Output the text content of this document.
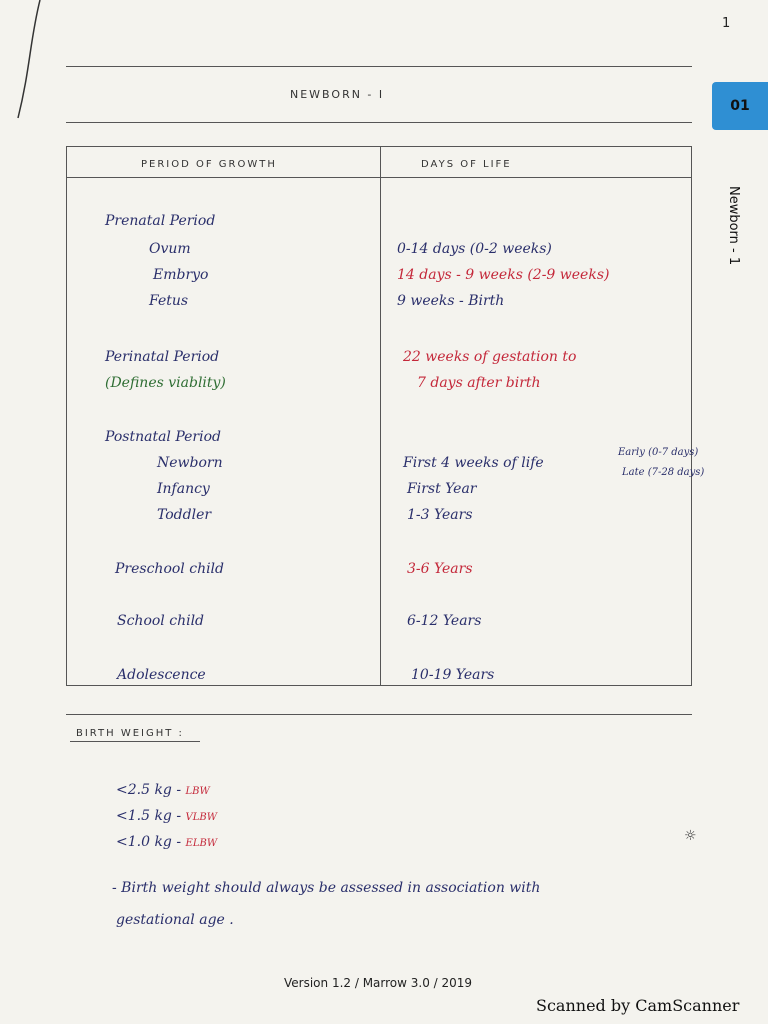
1
NEWBORN - I
01
Newborn - 1
PERIOD OF GROWTH	DAYS OF LIFE
Prenatal Period
Ovum	0-14 days (0-2 weeks)
Embryo	14 days - 9 weeks (2-9 weeks)
Fetus	9 weeks - Birth
Perinatal Period	22 weeks of gestation to
(Defines viablity)	7 days after birth
Postnatal Period
Newborn	First 4 weeks of life
Infancy	First Year
Toddler	1-3 Years
Preschool child	3-6 Years
School child	6-12 Years
Adolescence	10-19 Years
Early (0-7 days)
Late (7-28 days)
BIRTH WEIGHT :
<2.5 kg - LBW
<1.5 kg - VLBW
<1.0 kg - ELBW	☼
- Birth weight should always be assessed in association with
gestational age .
Version 1.2 / Marrow 3.0 / 2019
Scanned by CamScanner
